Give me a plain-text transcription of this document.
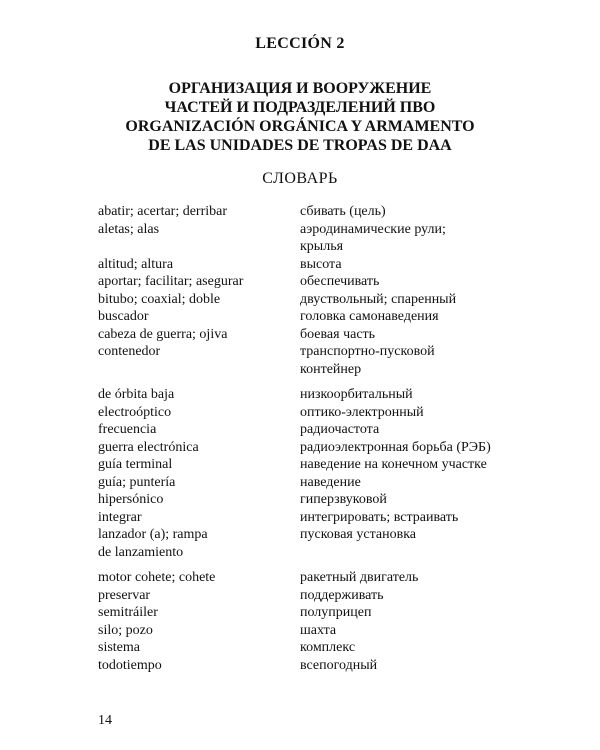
LECCIÓN 2
ОРГАНИЗАЦИЯ И ВООРУЖЕНИЕ
ЧАСТЕЙ И ПОДРАЗДЕЛЕНИЙ ПВО
ORGANIZACIÓN ORGÁNICA Y ARMAMENTO
DE LAS UNIDADES DE TROPAS DE DAA
СЛОВАРЬ
abatir; acertar; derribar	сбивать (цель)
aletas; alas	аэродинамические рули;
крылья
altitud; altura	высота
aportar; facilitar; asegurar	обеспечивать
bitubo; coaxial; doble	двуствольный; спаренный
buscador	головка самонаведения
cabeza de guerra; ojiva	боевая часть
contenedor	транспортно-пусковой
контейнер
de órbita baja	низкоорбитальный
electroóptico	оптико-электронный
frecuencia	радиочастота
guerra electrónica	радиоэлектронная борьба (РЭБ)
guía terminal	наведение на конечном участке
guía; puntería	наведение
hipersónico	гиперзвуковой
integrar	интегрировать; встраивать
lanzador (a); rampa	пусковая установка
de lanzamiento
motor cohete; cohete	ракетный двигатель
preservar	поддерживать
semitráiler	полуприцеп
silo; pozo	шахта
sistema	комплекс
todotiempo	всепогодный
14
